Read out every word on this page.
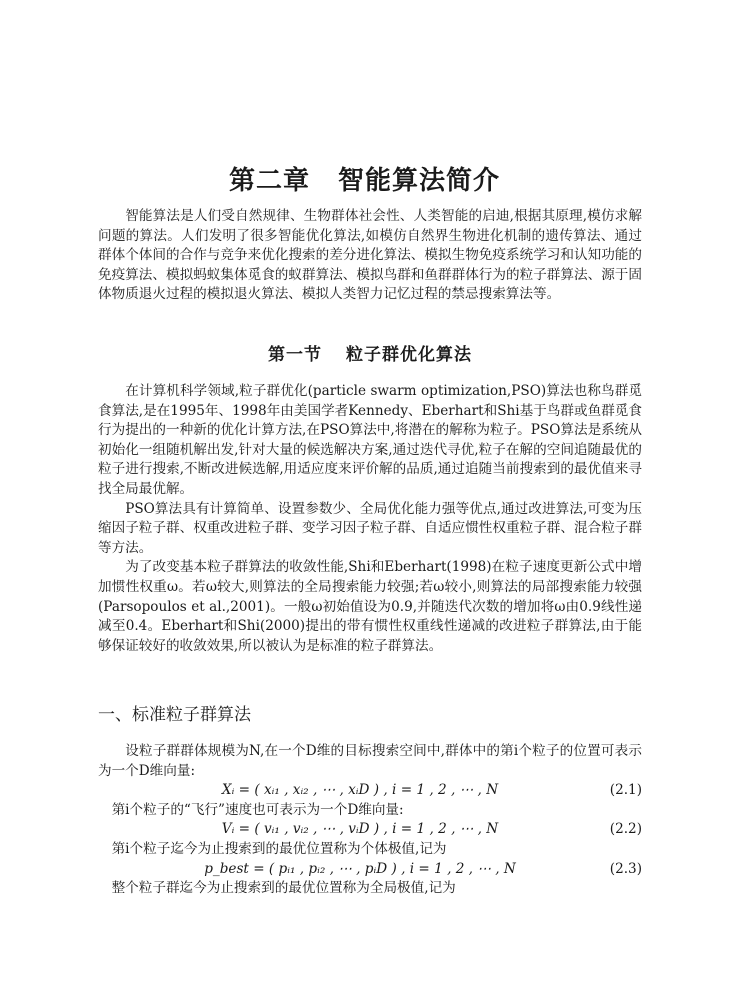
第二章 智能算法简介

智能算法是人们受自然规律、生物群体社会性、人类智能的启迪,根据其原理,模仿求解问题的算法。人们发明了很多智能优化算法,如模仿自然界生物进化机制的遗传算法、通过群体个体间的合作与竞争来优化搜索的差分进化算法、模拟生物免疫系统学习和认知功能的免疫算法、模拟蚂蚁集体觅食的蚁群算法、模拟鸟群和鱼群群体行为的粒子群算法、源于固体物质退火过程的模拟退火算法、模拟人类智力记忆过程的禁忌搜索算法等。

第一节 粒子群优化算法

在计算机科学领域,粒子群优化(particle swarm optimization,PSO)算法也称鸟群觅食算法,是在1995年、1998年由美国学者Kennedy、Eberhart和Shi基于鸟群或鱼群觅食行为提出的一种新的优化计算方法,在PSO算法中,将潜在的解称为粒子。PSO算法是系统从初始化一组随机解出发,针对大量的候选解决方案,通过迭代寻优,粒子在解的空间追随最优的粒子进行搜索,不断改进候选解,用适应度来评价解的品质,通过追随当前搜索到的最优值来寻找全局最优解。

PSO算法具有计算简单、设置参数少、全局优化能力强等优点,通过改进算法,可变为压缩因子粒子群、权重改进粒子群、变学习因子粒子群、自适应惯性权重粒子群、混合粒子群等方法。

为了改变基本粒子群算法的收敛性能,Shi和Eberhart(1998)在粒子速度更新公式中增加惯性权重ω。若ω较大,则算法的全局搜索能力较强;若ω较小,则算法的局部搜索能力较强(Parsopoulos et al.,2001)。一般ω初始值设为0.9,并随迭代次数的增加将ω由0.9线性递减至0.4。Eberhart和Shi(2000)提出的带有惯性权重线性递减的改进粒子群算法,由于能够保证较好的收敛效果,所以被认为是标准的粒子群算法。

一、标准粒子群算法

设粒子群群体规模为N,在一个D维的目标搜索空间中,群体中的第i个粒子的位置可表示为一个D维向量:

Xᵢ = ( xᵢ₁ , xᵢ₂ , ⋯ , xᵢD ) , i = 1 , 2 , ⋯ , N	(2.1)

第i个粒子的“飞行”速度也可表示为一个D维向量:

Vᵢ = ( vᵢ₁ , vᵢ₂ , ⋯ , vᵢD ) , i = 1 , 2 , ⋯ , N	(2.2)

第i个粒子迄今为止搜索到的最优位置称为个体极值,记为

p_best = ( pᵢ₁ , pᵢ₂ , ⋯ , pᵢD ) , i = 1 , 2 , ⋯ , N	(2.3)

整个粒子群迄今为止搜索到的最优位置称为全局极值,记为
